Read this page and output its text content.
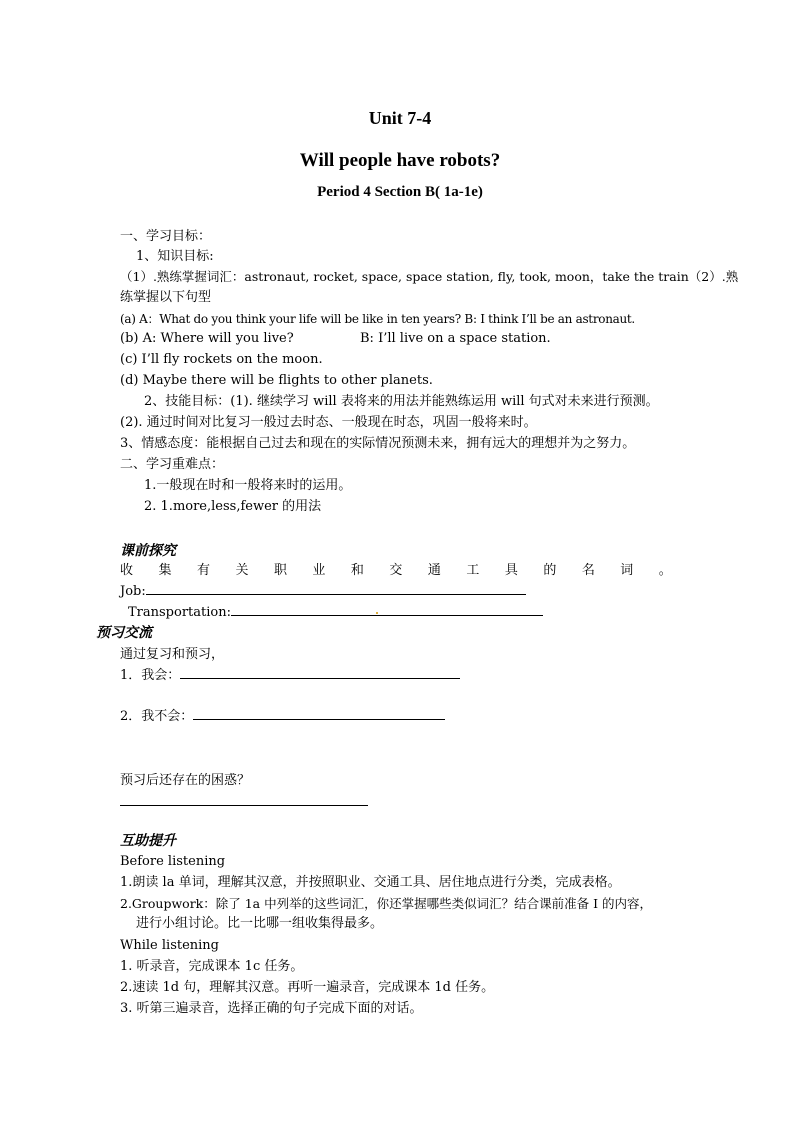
Unit 7-4
Will people have robots?
Period 4 Section B( 1a-1e)
一、学习目标：
1、知识目标:
（1）.熟练掌握词汇：astronaut, rocket, space, space station, fly, took, moon，take the train（2）.熟
练掌握以下句型
(a) A：What do you think your life will be like in ten years? B: I think I’ll be an astronaut.
(b) A: Where will you live?	B: I’ll live on a space station.
(c) I’ll fly rockets on the moon.
(d) Maybe there will be flights to other planets.
2、技能目标：(1). 继续学习 will 表将来的用法并能熟练运用 will 句式对未来进行预测。
(2). 通过时间对比复习一般过去时态、一般现在时态，巩固一般将来时。
3、情感态度：能根据自己过去和现在的实际情况预测未来，拥有远大的理想并为之努力。
二、学习重难点：
1.一般现在时和一般将来时的运用。
2. 1.more,less,fewer 的用法
课前探究
收 集 有 关 职 业 和 交 通 工 具 的 名 词 。
Job:
Transportation:
预习交流
通过复习和预习，
1．我会：
2．我不会：
预习后还存在的困惑？
互助提升
Before listening
1.朗读 la 单词，理解其汉意，并按照职业、交通工具、居住地点进行分类，完成表格。
2.Groupwork：除了 1a 中列举的这些词汇，你还掌握哪些类似词汇？结合课前准备 I 的内容，
进行小组讨论。比一比哪一组收集得最多。
While listening
1. 听录音，完成课本 1c 任务。
2.速读 1d 句，理解其汉意。再听一遍录音，完成课本 1d 任务。
3. 听第三遍录音，选择正确的句子完成下面的对话。
